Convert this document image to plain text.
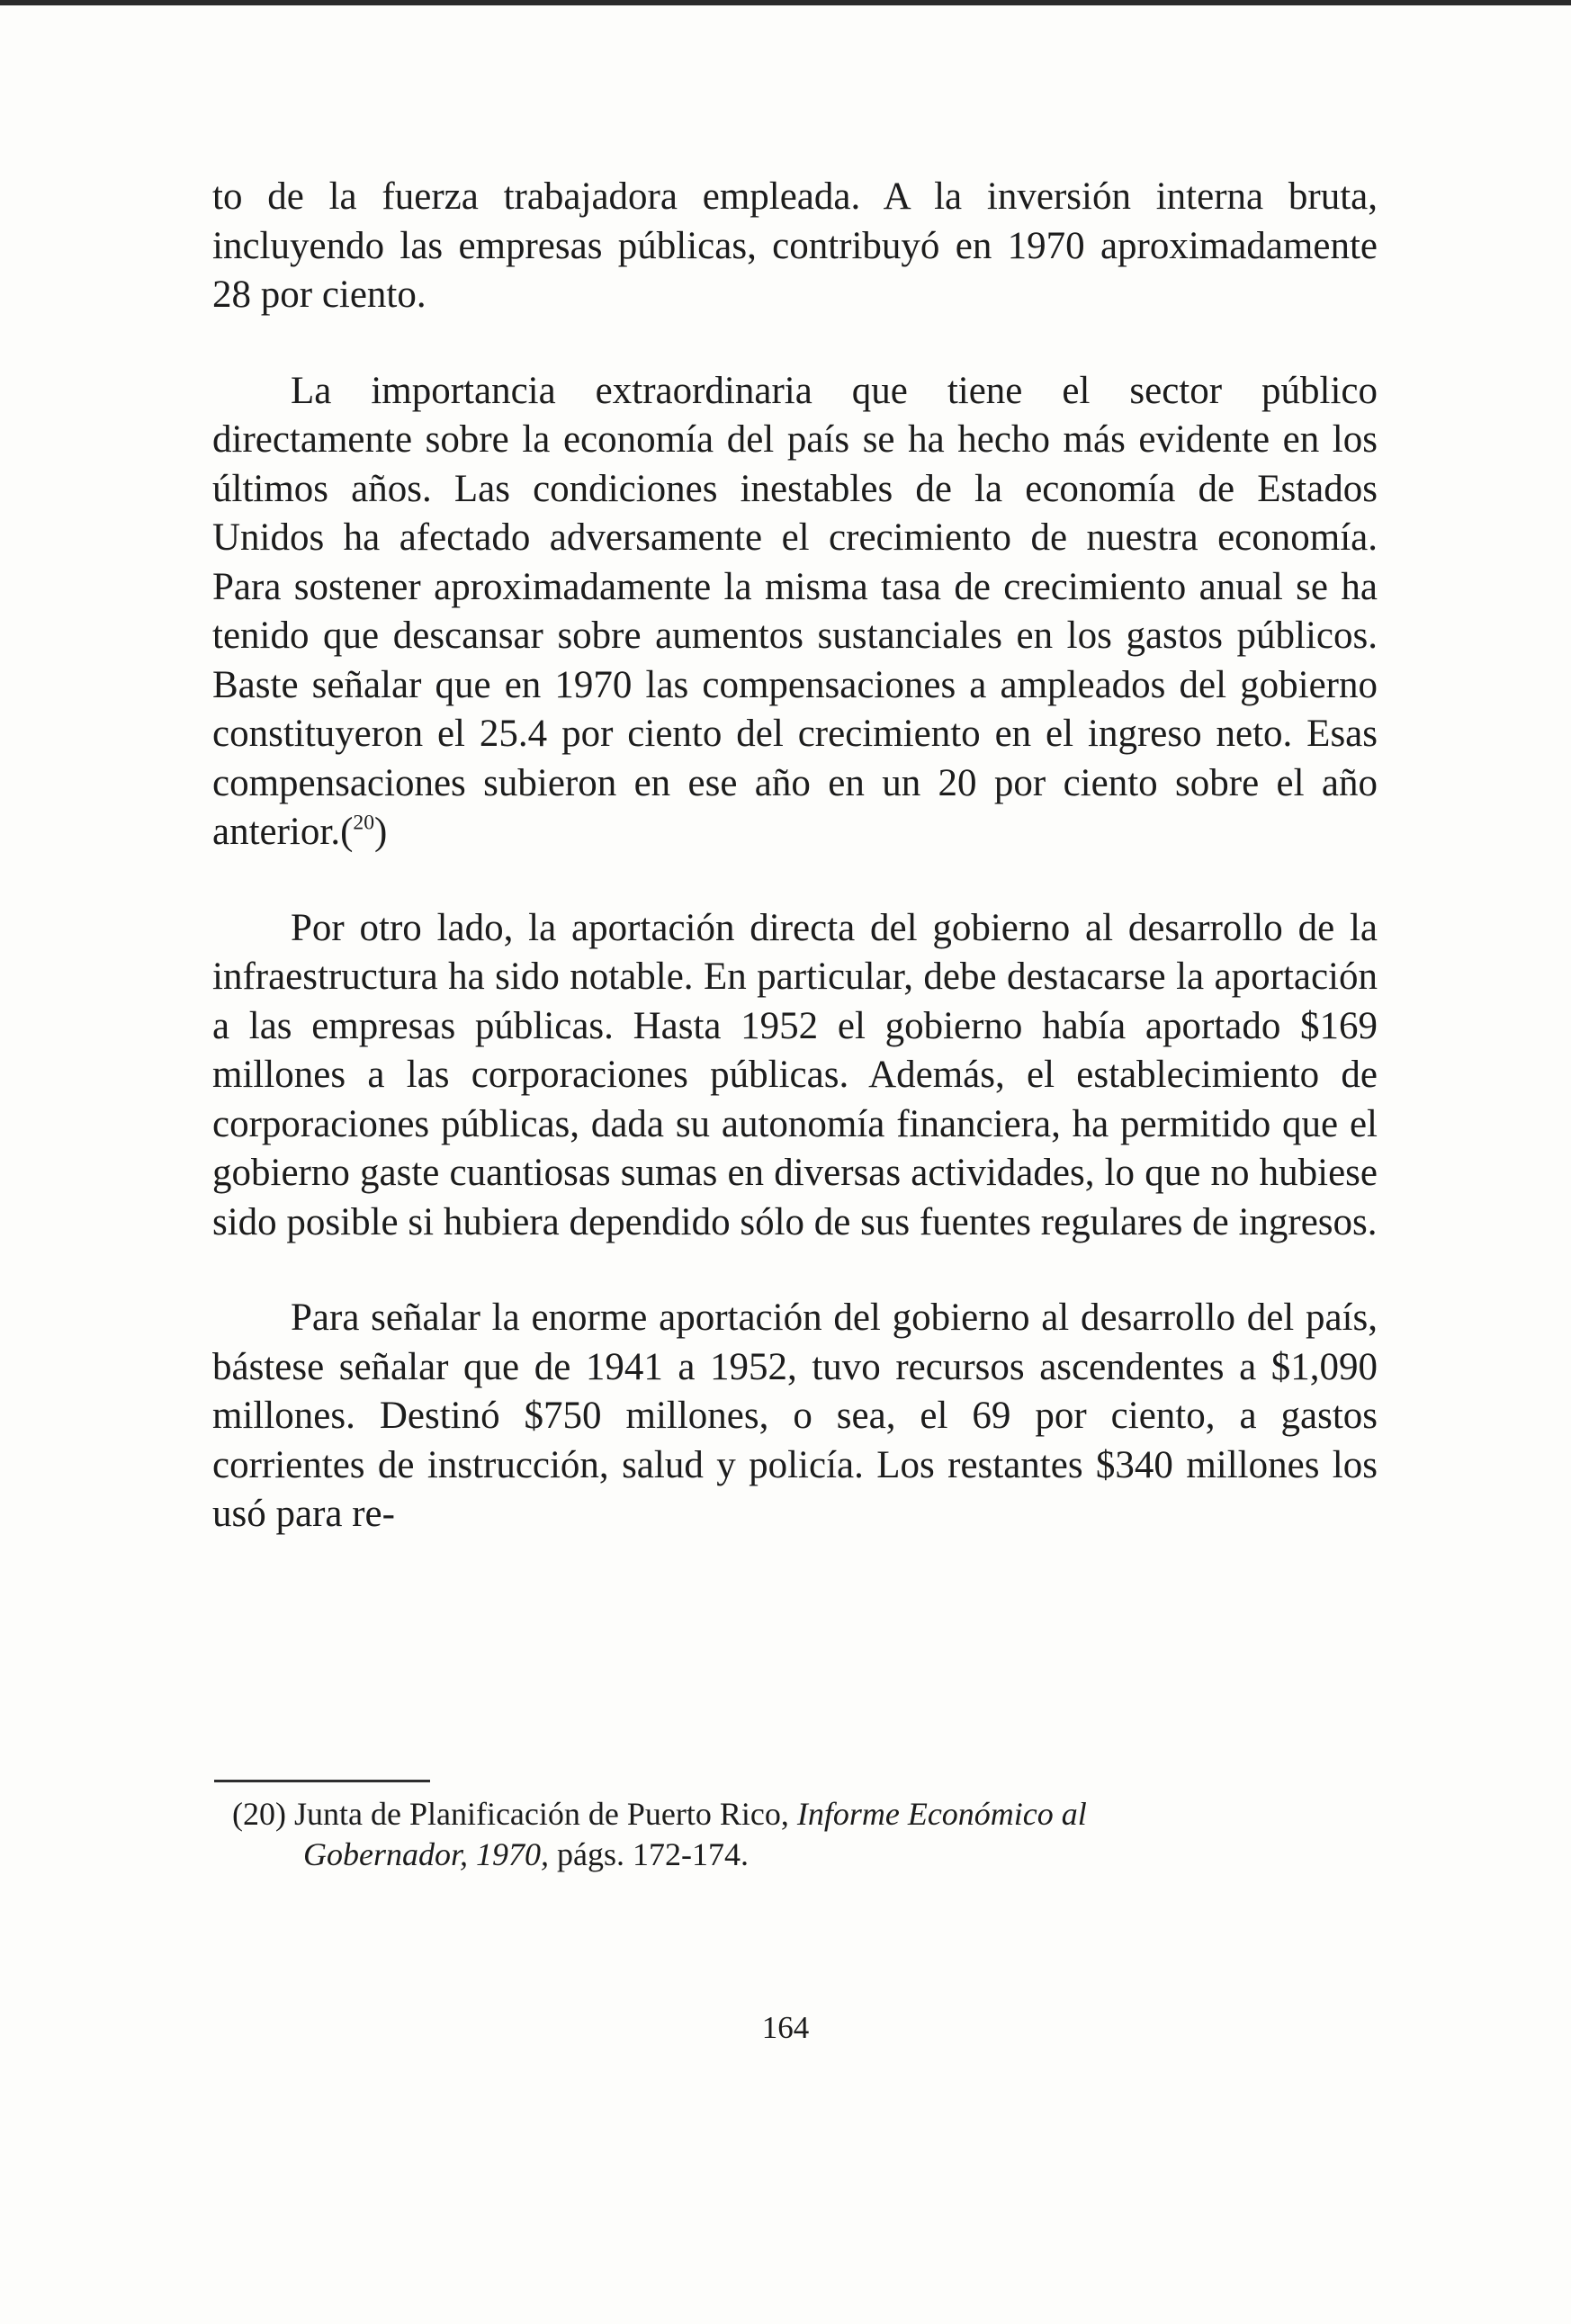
to de la fuerza trabajadora empleada. A la inversión interna bruta, incluyendo las empresas públicas, contribuyó en 1970 aproximadamente 28 por ciento.

La importancia extraordinaria que tiene el sector público directamente sobre la economía del país se ha hecho más evidente en los últimos años. Las condiciones inestables de la economía de Estados Unidos ha afectado adversamente el crecimiento de nuestra economía. Para sostener aproximadamente la misma tasa de crecimiento anual se ha tenido que descansar sobre aumentos sustanciales en los gastos públicos. Baste señalar que en 1970 las compensaciones a ampleados del gobierno constituyeron el 25.4 por ciento del crecimiento en el ingreso neto. Esas compensaciones subieron en ese año en un 20 por ciento sobre el año anterior.($^{20}$)

Por otro lado, la aportación directa del gobierno al desarrollo de la infraestructura ha sido notable. En particular, debe destacarse la aportación a las empresas públicas. Hasta 1952 el gobierno había aportado $169 millones a las corporaciones públicas. Además, el establecimiento de corporaciones públicas, dada su autonomía financiera, ha permitido que el gobierno gaste cuantiosas sumas en diversas actividades, lo que no hubiese sido posible si hubiera dependido sólo de sus fuentes regulares de ingresos.

Para señalar la enorme aportación del gobierno al desarrollo del país, bástese señalar que de 1941 a 1952, tuvo recursos ascendentes a $1,090 millones. Destinó $750 millones, o sea, el 69 por ciento, a gastos corrientes de instrucción, salud y policía. Los restantes $340 millones los usó para re-

(20) Junta de Planificación de Puerto Rico, Informe Económico al
Gobernador, 1970, págs. 172-174.
164
